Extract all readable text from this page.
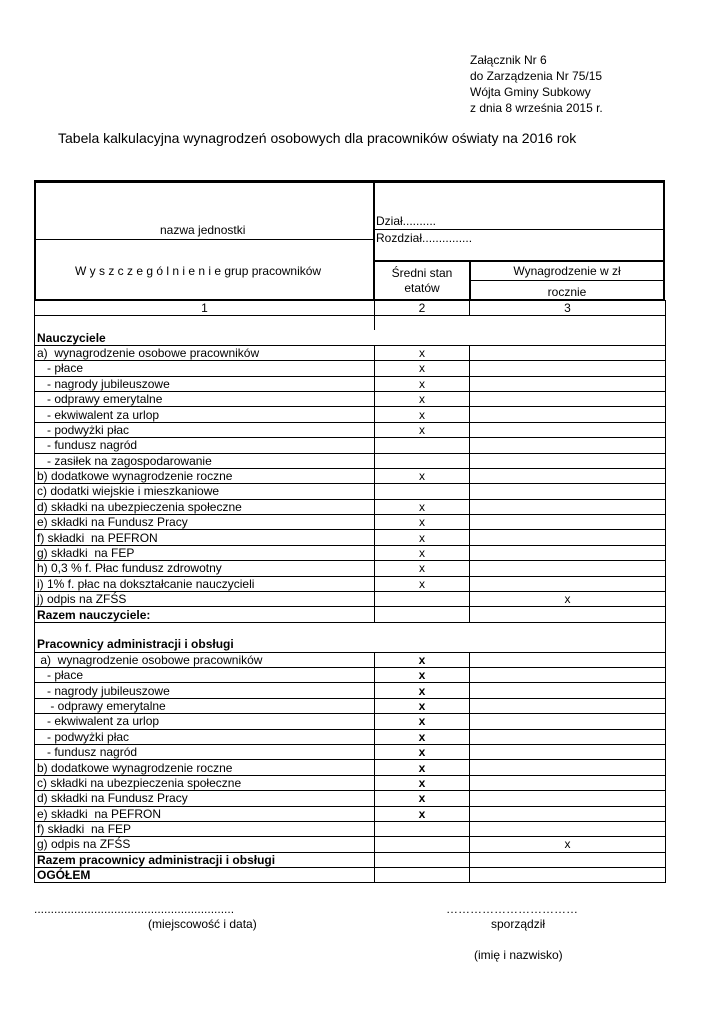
Załącznik Nr 6
do Zarządzenia Nr 75/15
Wójta Gminy Subkowy
z dnia 8 września 2015 r.
Tabela kalkulacyjna wynagrodzeń osobowych dla pracowników oświaty na 2016 rok
nazwa jednostki
Dział..........
Rozdział...............
W y s z c z e g ó l n i e n i e grup pracowników	Średni stan
etatów
Wynagrodzenie w zł
rocznie
1	2	3

Nauczyciele		
a)  wynagrodzenie osobowe pracowników	x	
- płace	x	
- nagrody jubileuszowe	x	
- odprawy emerytalne	x	
- ekwiwalent za urlop	x	
- podwyżki płac	x	
- fundusz nagród		
- zasiłek na zagospodarowanie		
b) dodatkowe wynagrodzenie roczne	x	
c) dodatki wiejskie i mieszkaniowe		
d) składki na ubezpieczenia społeczne	x	
e) składki na Fundusz Pracy	x	
f) składki  na PEFRON	x	
g) składki  na FEP	x	
h) 0,3 % f. Płac fundusz zdrowotny	x	
i) 1% f. płac na dokształcanie nauczycieli	x	
j) odpis na ZFŚS		x
Razem nauczyciele:		

Pracownicy administracji i obsługi		
a)  wynagrodzenie osobowe pracowników	x	
- płace	x	
- nagrody jubileuszowe	x	
- odprawy emerytalne	x	
- ekwiwalent za urlop	x	
- podwyżki płac	x	
- fundusz nagród	x	
b) dodatkowe wynagrodzenie roczne	x	
c) składki na ubezpieczenia społeczne	x	
d) składki na Fundusz Pracy	x	
e) składki  na PEFRON	x	
f) składki  na FEP		
g) odpis na ZFŚS		x
Razem pracownicy administracji i obsługi		
OGÓŁEM		
............................................................
(miejscowość i data)
……………………………
sporządził
(imię i nazwisko)
